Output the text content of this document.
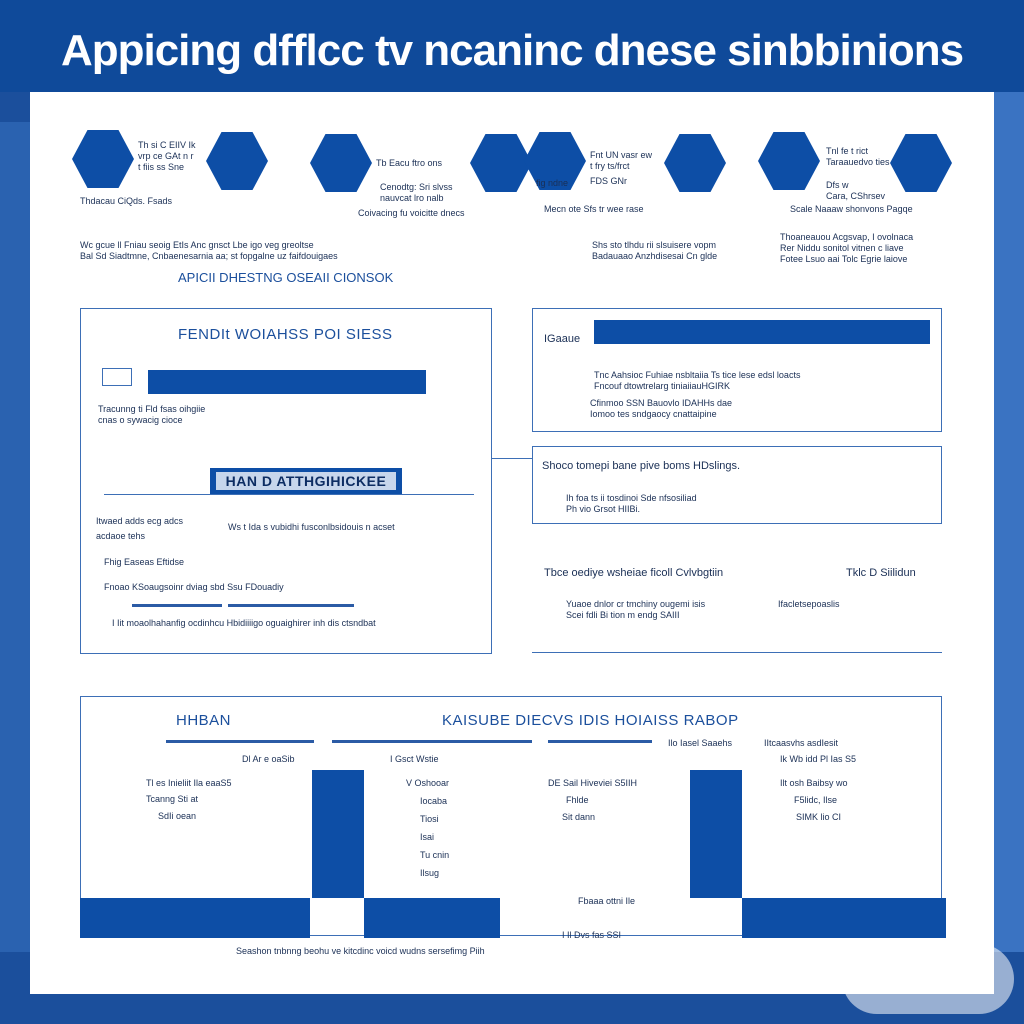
Appicing dfflcc tv ncaninc dnese sinbbinions
Th si C EIIV Ik
vrp ce GAt n r
t fiis ss Sne	Tb Eacu ftro ons
Fnt UN vasr ew
t fry ts/frct
FDS GNr
Tnl fe t rict
Taraauedvo ties
Dfs w
Cara, CShrsev
Cenodtg: Sri slvss
nauvcat lro nalb
fig ndne
Thdacau CiQds. Fsads
Coivacing fu voicitte dnecs	Mecn ote Sfs tr wee rase	Scale Naaaw shonvons Pagqe
Wc gcue ll Fniau seoig EtIs Anc gnsct Lbe igo veg greoltse
Bal Sd Siadtmne, Cnbaenesarnia aa; st fopgalne uz faifdouigaes
Shs sto tlhdu rii slsuisere vopm
Badauaao Anzhdisesai Cn glde
Thoaneauou Acgsvap, I ovolnaca
Rer Niddu sonitol vitnen c liave
Fotee Lsuo aai Tolc Egrie laiove
APICII DHESTNG OSEAII CIONSOK
FENDIt WOIAHSS POI SIESS
Tracunng ti Fld fsas oihgiie
cnas o sywacig cioce
HAN D ATTHGIHICKEE
Itwaed adds ecg adcs
Ws t Ida s vubidhi fusconlbsidouis n acset
acdaoe tehs
Fhig Easeas Eftidse
Fnoao KSoaugsoinr dviag sbd Ssu FDouadiy
I Iit moaolhahanfig ocdinhcu Hbidiiiigo oguaighirer inh dis ctsndbat
IGaaue
Tnc Aahsioc Fuhiae nsbltaiia Ts tice lese edsl loacts
Fncouf dtowtrelarg tiniaiiauHGIRK
Cfinmoo SSN Bauovlo IDAHHs dae
Iomoo tes sndgaocy cnattaipine
Shoco tomepi bane pive boms HDslings.
Ih foa ts ii tosdinoi Sde nfsosiliad
Ph vio Grsot HIIBi.
Tbce oediye wsheiae ficoll Cvlvbgtiin	Tklc D Siilidun
Yuaoe dnlor cr tmchiny ougemi isis
Scei fdli Bi tion m endg SAIII
Ifacletsepoaslis
HHBAN	KAISUBE DIECVS IDIS HOIAISS RABOP
Dl Ar e oaSib	I Gsct Wstie
Ilo Iasel Saaehs	IItcaasvhs asdIesit
Ik Wb idd Pl Ias S5
Tl es Inieliit Ila eaaS5
Tcanng Sti at
SdIi oean
V Oshooar
Iocaba
Tiosi
Isai
Tu cnin
Ilsug
DE Sail Hiveviei S5IIH
Fhlde
Sit dann
Ilt osh Baibsy wo
F5lidc, Ilse
SIMK lio CI
Fbaaa ottni Ile
I Il Dvs fas SSI
Seashon tnbnng beohu ve kitcdinc voicd wudns sersefimg Piih
AI生成
